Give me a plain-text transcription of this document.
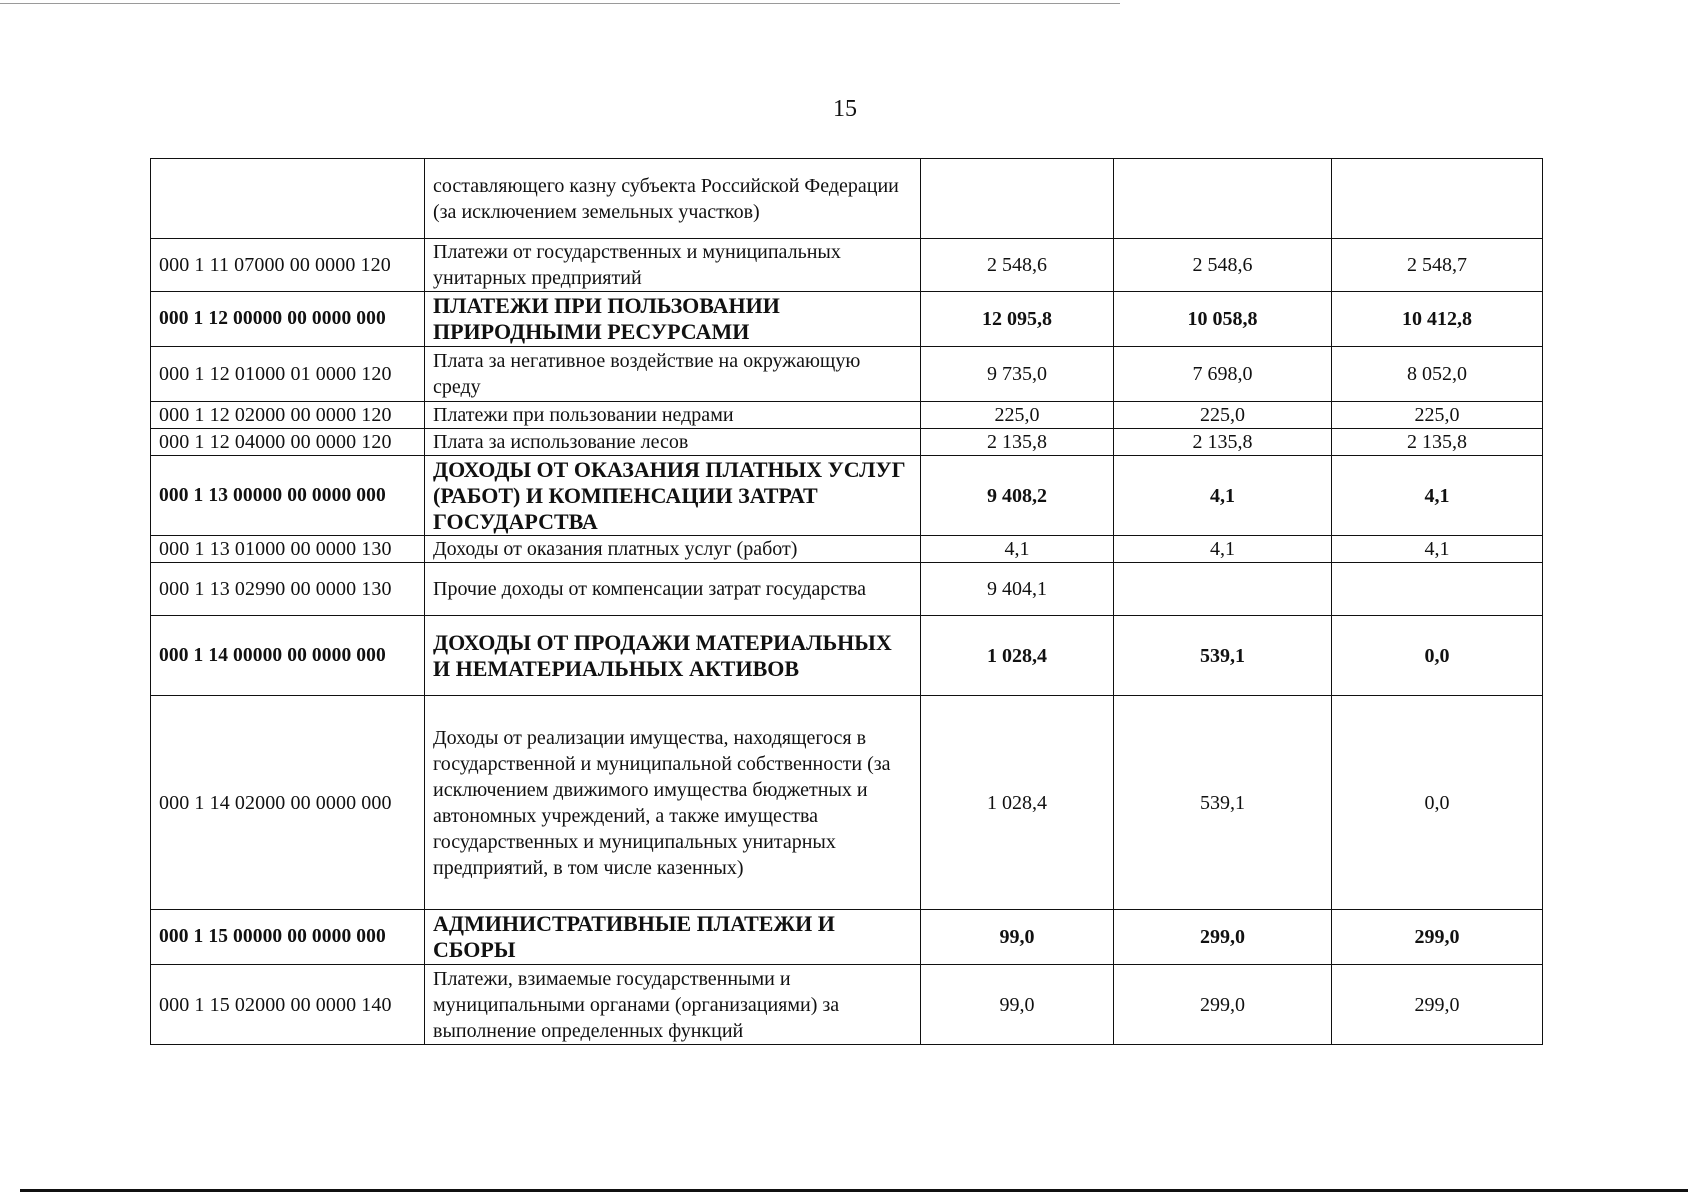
15
	составляющего казну субъекта Российской Федерации (за исключением земельных участков)			
000 1 11 07000 00 0000 120	Платежи от государственных и муниципальных унитарных предприятий	2 548,6	2 548,6	2 548,7
000 1 12 00000 00 0000 000	ПЛАТЕЖИ ПРИ ПОЛЬЗОВАНИИ ПРИРОДНЫМИ РЕСУРСАМИ	12 095,8	10 058,8	10 412,8
000 1 12 01000 01 0000 120	Плата за негативное воздействие на окружающую среду	9 735,0	7 698,0	8 052,0
000 1 12 02000 00 0000 120	Платежи при пользовании недрами	225,0	225,0	225,0
000 1 12 04000 00 0000 120	Плата за использование лесов	2 135,8	2 135,8	2 135,8
000 1 13 00000 00 0000 000	ДОХОДЫ ОТ ОКАЗАНИЯ ПЛАТНЫХ УСЛУГ (РАБОТ) И КОМПЕНСАЦИИ ЗАТРАТ ГОСУДАРСТВА	9 408,2	4,1	4,1
000 1 13 01000 00 0000 130	Доходы от оказания платных услуг (работ)	4,1	4,1	4,1
000 1 13 02990 00 0000 130	Прочие доходы от компенсации затрат государства	9 404,1		
000 1 14 00000 00 0000 000	ДОХОДЫ ОТ ПРОДАЖИ МАТЕРИАЛЬНЫХ И НЕМАТЕРИАЛЬНЫХ АКТИВОВ	1 028,4	539,1	0,0
000 1 14 02000 00 0000 000	Доходы от реализации имущества, находящегося в государственной и муниципальной собственности (за исключением движимого имущества бюджетных и автономных учреждений, а также имущества государственных и муниципальных унитарных предприятий, в том числе казенных)	1 028,4	539,1	0,0
000 1 15 00000 00 0000 000	АДМИНИСТРАТИВНЫЕ ПЛАТЕЖИ И СБОРЫ	99,0	299,0	299,0
000 1 15 02000 00 0000 140	Платежи, взимаемые государственными и муниципальными органами (организациями) за выполнение определенных функций	99,0	299,0	299,0
